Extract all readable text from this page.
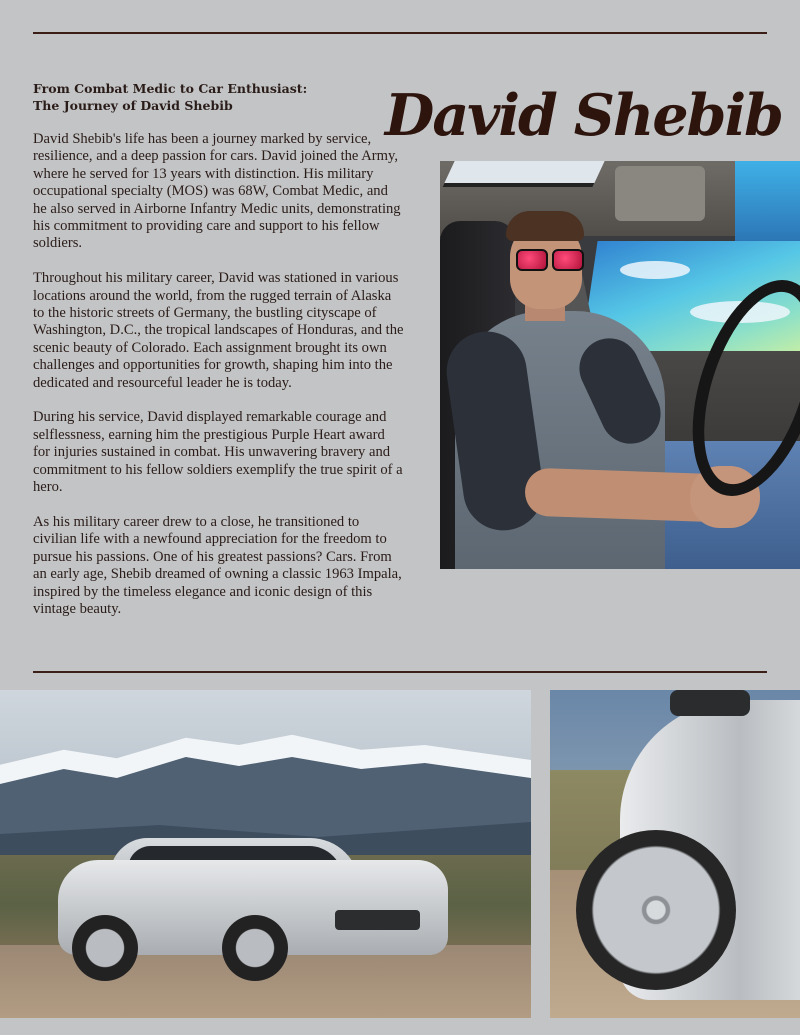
From Combat Medic to Car Enthusiast:
The Journey of David Shebib

David Shebib's life has been a journey marked by service, resilience, and a deep passion for cars. David joined the Army, where he served for 13 years with distinction. His military occupational specialty (MOS) was 68W, Combat Medic, and he also served in Airborne Infantry Medic units, demonstrating his commitment to providing care and support to his fellow soldiers.

Throughout his military career, David was stationed in various locations around the world, from the rugged terrain of Alaska to the historic streets of Germany, the bustling cityscape of Washington, D.C., the tropical landscapes of Honduras, and the scenic beauty of Colorado. Each assignment brought its own challenges and opportunities for growth, shaping him into the dedicated and resourceful leader he is today.

During his service, David displayed remarkable courage and selflessness, earning him the prestigious Purple Heart award for injuries sustained in combat. His unwavering bravery and commitment to his fellow soldiers exemplify the true spirit of a hero.

As his military career drew to a close, he transitioned to civilian life with a newfound appreciation for the freedom to pursue his passions. One of his greatest passions? Cars. From an early age, Shebib dreamed of owning a classic 1963 Impala, inspired by the timeless elegance and iconic design of this vintage beauty.

David Shebib
